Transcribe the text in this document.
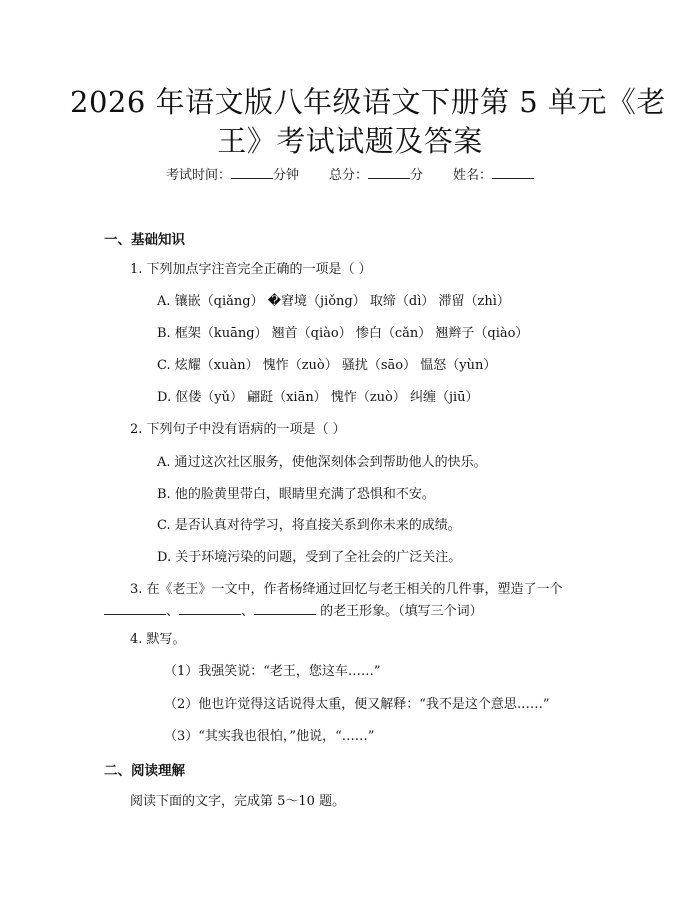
2026 年语文版八年级语文下册第 5 单元《老
王》考试试题及答案
考试时间：	分钟 总分：	分 姓名：
一、基础知识
1. 下列加点字注音完全正确的一项是（ ）
A. 镶嵌（qiǎng） �窘境（jiǒng） 取缔（dì） 滞留（zhì）
B. 框架（kuāng） 翘首（qiào） 惨白（cǎn） 翘辫子（qiào）
C. 炫耀（xuàn） 愧怍（zuò） 骚扰（sāo） 愠怒（yùn）
D. 伛偻（yǔ） 翩跹（xiān） 愧怍（zuò） 纠缠（jiū）
2. 下列句子中没有语病的一项是（ ）
A. 通过这次社区服务，使他深刻体会到帮助他人的快乐。
B. 他的脸黄里带白，眼睛里充满了恐惧和不安。
C. 是否认真对待学习，将直接关系到你未来的成绩。
D. 关于环境污染的问题，受到了全社会的广泛关注。
3. 在《老王》一文中，作者杨绛通过回忆与老王相关的几件事，塑造了一个
、	、	的老王形象。（填写三个词）
4. 默写。
（1）我强笑说：“老王，您这车……”
（2）他也许觉得这话说得太重，便又解释：“我不是这个意思……”
（3）“其实我也很怕，”他说，“……”
二、阅读理解
阅读下面的文字，完成第 5～10 题。
